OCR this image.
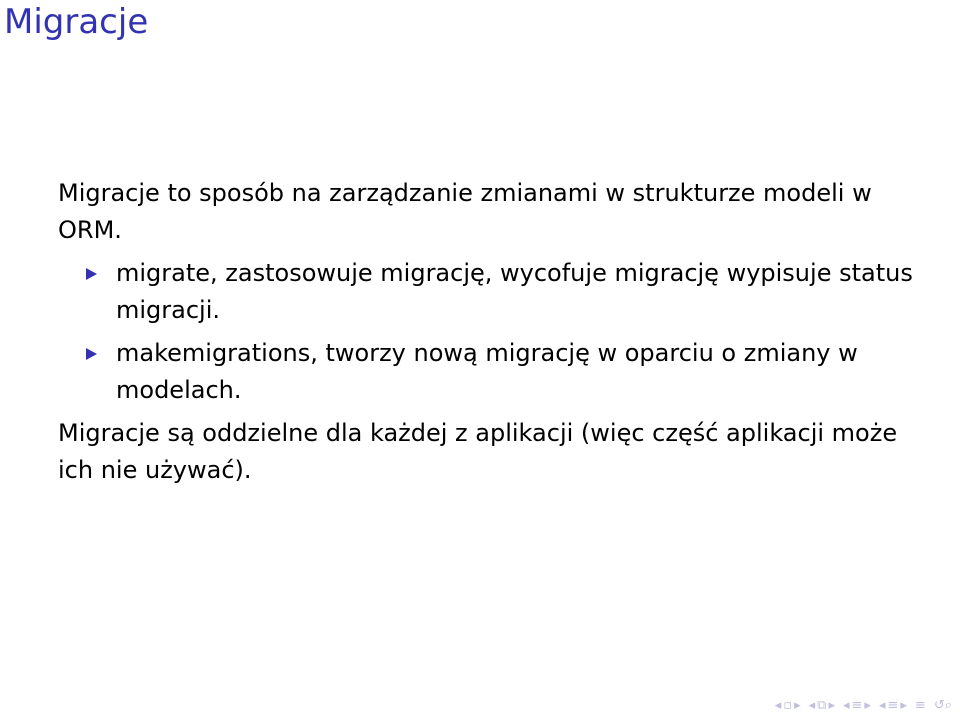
Migracje

Migracje to sposób na zarządzanie zmianami w strukturze modeli w ORM.

migrate, zastosowuje migrację, wycofuje migrację wypisuje status migracji.
makemigrations, tworzy nową migrację w oparciu o zmiany w modelach.

Migracje są oddzielne dla każdej z aplikacji (więc część aplikacji może ich nie używać).

◂ ▫ ▸ ◂ ⧉ ▸ ◂ ≡ ▸ ◂ ≡ ▸ ≡ ↺⌕
